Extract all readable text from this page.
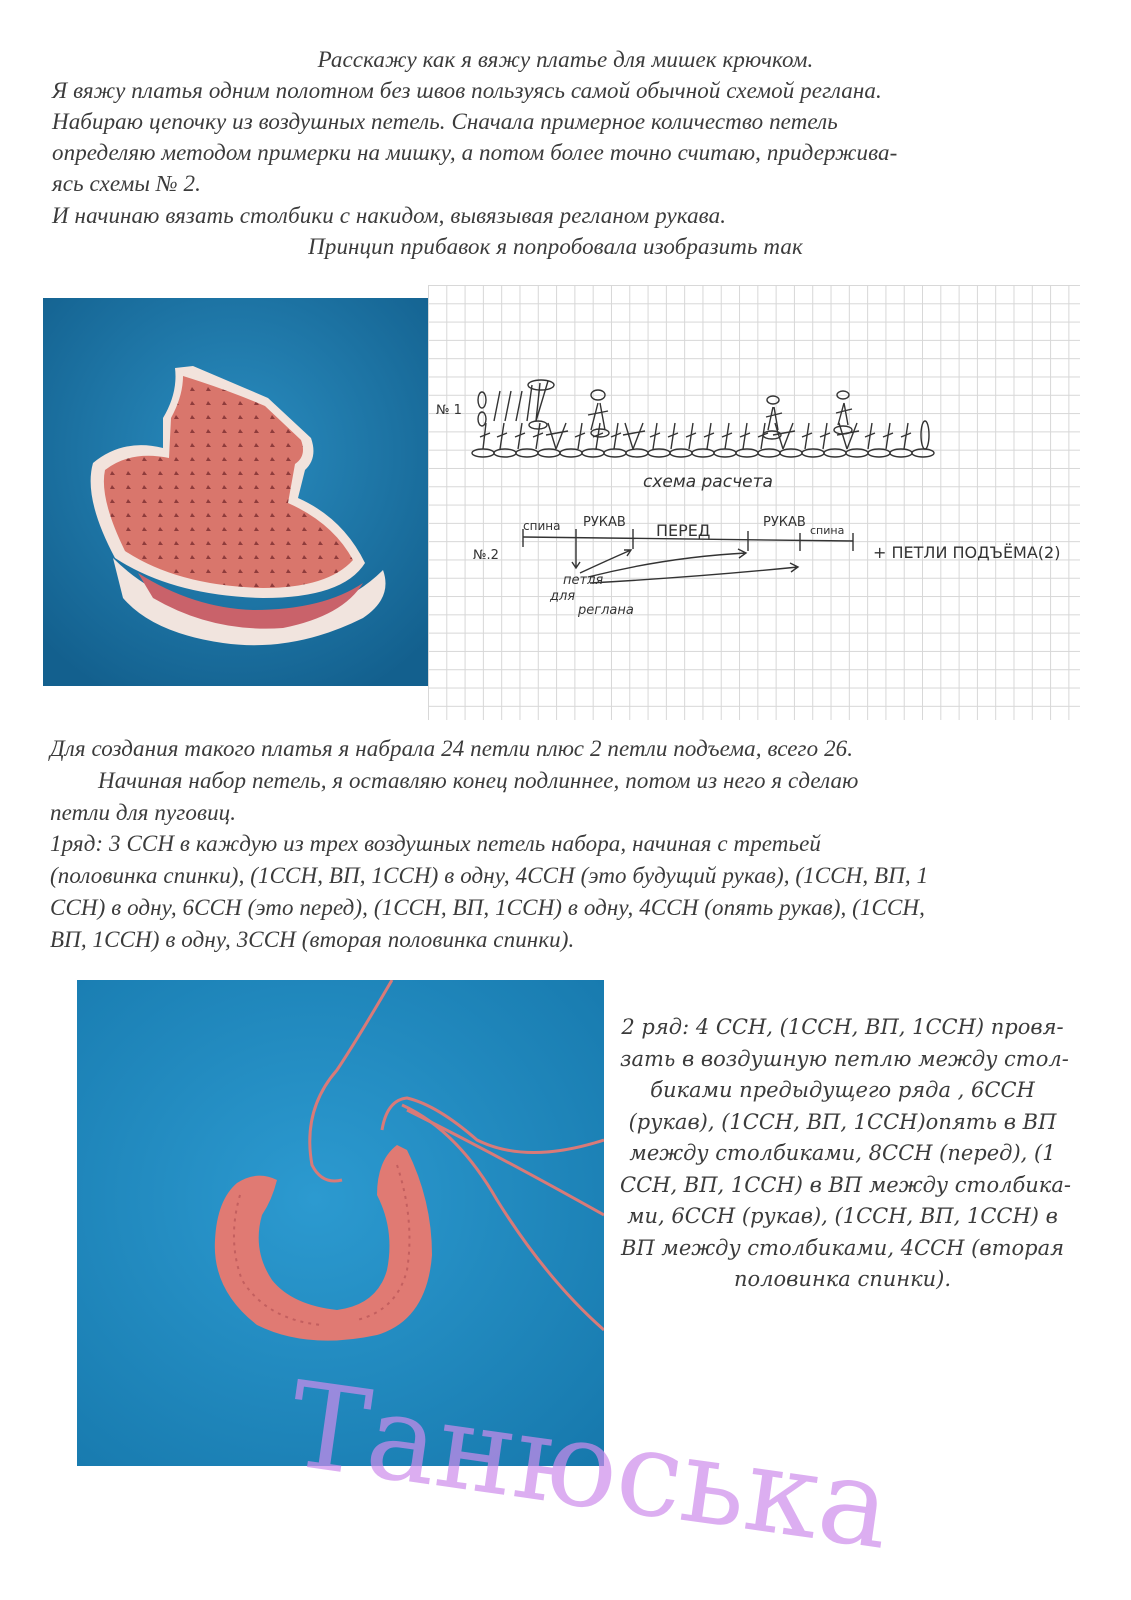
Расскажу как я вяжу платье для мишек крючком.
Я вяжу платья одним полотном без швов пользуясь самой обычной схемой реглана.
Набираю цепочку из воздушных петель. Сначала примерное количество петель
определяю методом примерки на мишку, а потом более точно считаю, придержива-
ясь схемы № 2.
И начинаю вязать столбики с накидом, вывязывая регланом рукава.
Принцип прибавок я попробовала изобразить так
№ 1
схема расчета
№.2
спина РУКАВ ПЕРЕД	РУКАВ
спина
+ ПЕТЛИ ПОДЪЁМА(2)
петля
для
реглана
Для создания такого платья я набрала 24 петли плюс 2 петли подъема, всего 26.
Начиная набор петель, я оставляю конец подлиннее, потом из него я сделаю
петли для пуговиц.
1ряд: 3 ССН в каждую из трех воздушных петель набора, начиная с третьей
(половинка спинки), (1ССН, ВП, 1ССН) в одну, 4ССН (это будущий рукав), (1ССН, ВП, 1
ССН) в одну, 6ССН (это перед), (1ССН, ВП, 1ССН) в одну, 4ССН (опять рукав), (1ССН,
ВП, 1ССН) в одну, 3ССН (вторая половинка спинки).
2 ряд: 4 ССН, (1ССН, ВП, 1ССН) провя-
зать в воздушную петлю между стол-
биками предыдущего ряда , 6ССН
(рукав), (1ССН, ВП, 1ССН)опять в ВП
между столбиками, 8ССН (перед), (1
ССН, ВП, 1ССН) в ВП между столбика-
ми, 6ССН (рукав), (1ССН, ВП, 1ССН) в
ВП между столбиками, 4ССН (вторая
половинка спинки).
Танюська
